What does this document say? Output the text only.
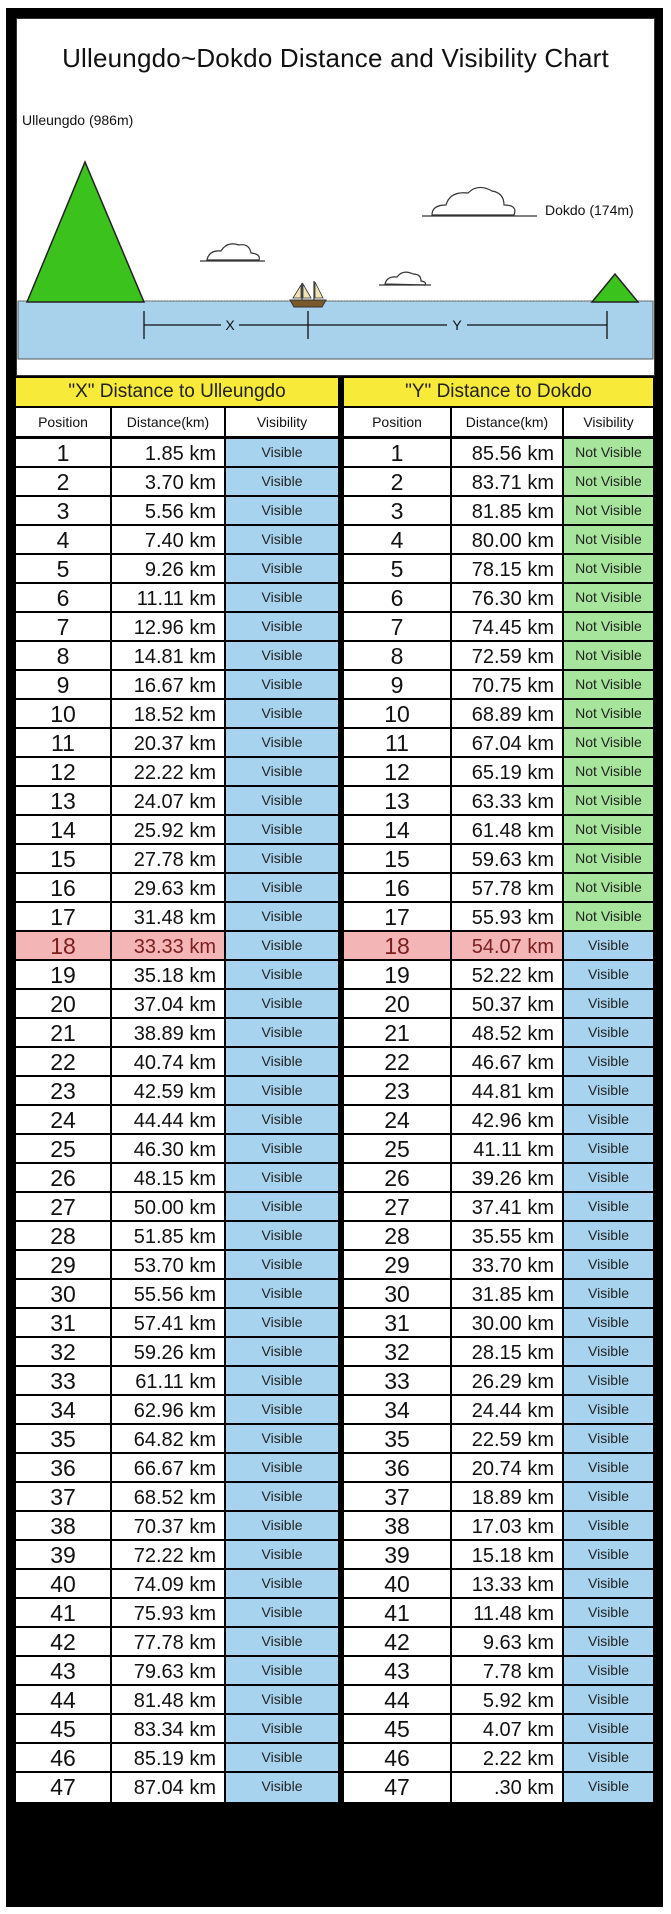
Ulleungdo~Dokdo Distance and Visibility Chart
Ulleungdo (986m)
Dokdo (174m)
X	Y
"X" Distance to Ulleungdo
Position	Distance(km)	Visibility
1	1.85 km	Visible
2	3.70 km	Visible
3	5.56 km	Visible
4	7.40 km	Visible
5	9.26 km	Visible
6	11.11 km	Visible
7	12.96 km	Visible
8	14.81 km	Visible
9	16.67 km	Visible
10	18.52 km	Visible
11	20.37 km	Visible
12	22.22 km	Visible
13	24.07 km	Visible
14	25.92 km	Visible
15	27.78 km	Visible
16	29.63 km	Visible
17	31.48 km	Visible
18	33.33 km	Visible
19	35.18 km	Visible
20	37.04 km	Visible
21	38.89 km	Visible
22	40.74 km	Visible
23	42.59 km	Visible
24	44.44 km	Visible
25	46.30 km	Visible
26	48.15 km	Visible
27	50.00 km	Visible
28	51.85 km	Visible
29	53.70 km	Visible
30	55.56 km	Visible
31	57.41 km	Visible
32	59.26 km	Visible
33	61.11 km	Visible
34	62.96 km	Visible
35	64.82 km	Visible
36	66.67 km	Visible
37	68.52 km	Visible
38	70.37 km	Visible
39	72.22 km	Visible
40	74.09 km	Visible
41	75.93 km	Visible
42	77.78 km	Visible
43	79.63 km	Visible
44	81.48 km	Visible
45	83.34 km	Visible
46	85.19 km	Visible
47	87.04 km	Visible
"Y" Distance to Dokdo
Position	Distance(km)	Visibility
1	85.56 km	Not Visible
2	83.71 km	Not Visible
3	81.85 km	Not Visible
4	80.00 km	Not Visible
5	78.15 km	Not Visible
6	76.30 km	Not Visible
7	74.45 km	Not Visible
8	72.59 km	Not Visible
9	70.75 km	Not Visible
10	68.89 km	Not Visible
11	67.04 km	Not Visible
12	65.19 km	Not Visible
13	63.33 km	Not Visible
14	61.48 km	Not Visible
15	59.63 km	Not Visible
16	57.78 km	Not Visible
17	55.93 km	Not Visible
18	54.07 km	Visible
19	52.22 km	Visible
20	50.37 km	Visible
21	48.52 km	Visible
22	46.67 km	Visible
23	44.81 km	Visible
24	42.96 km	Visible
25	41.11 km	Visible
26	39.26 km	Visible
27	37.41 km	Visible
28	35.55 km	Visible
29	33.70 km	Visible
30	31.85 km	Visible
31	30.00 km	Visible
32	28.15 km	Visible
33	26.29 km	Visible
34	24.44 km	Visible
35	22.59 km	Visible
36	20.74 km	Visible
37	18.89 km	Visible
38	17.03 km	Visible
39	15.18 km	Visible
40	13.33 km	Visible
41	11.48 km	Visible
42	9.63 km	Visible
43	7.78 km	Visible
44	5.92 km	Visible
45	4.07 km	Visible
46	2.22 km	Visible
47	.30 km	Visible
